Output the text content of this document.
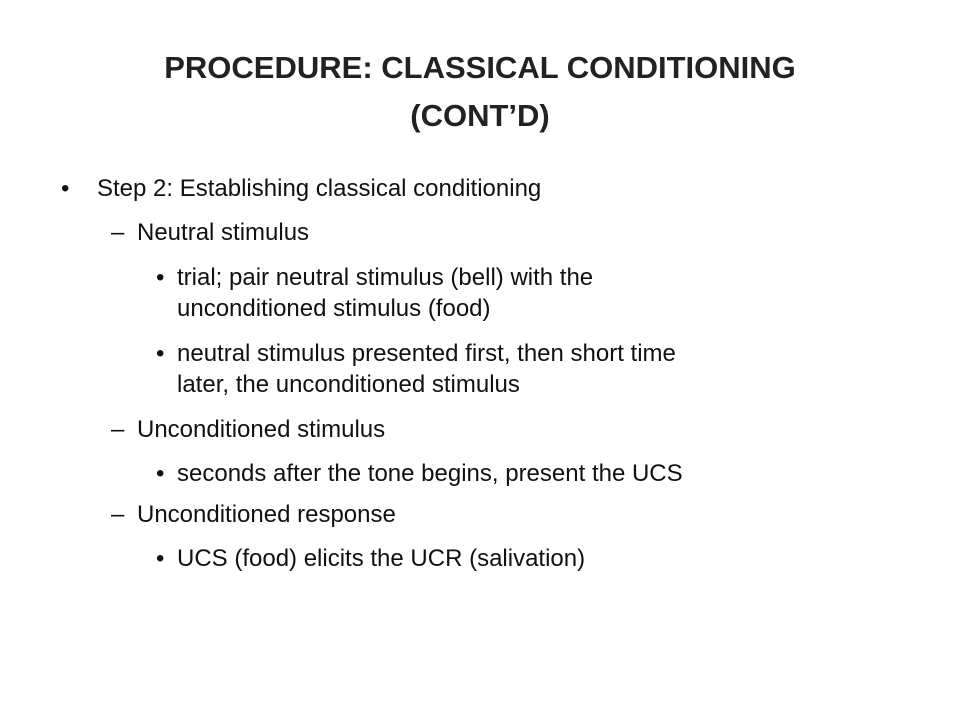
PROCEDURE: CLASSICAL CONDITIONING
(CONT’D)
• Step 2: Establishing classical conditioning
– Neutral stimulus
• trial; pair neutral stimulus (bell) with the
unconditioned stimulus (food)
• neutral stimulus presented first, then short time
later, the unconditioned stimulus
– Unconditioned stimulus
• seconds after the tone begins, present the UCS
– Unconditioned response
• UCS (food) elicits the UCR (salivation)
